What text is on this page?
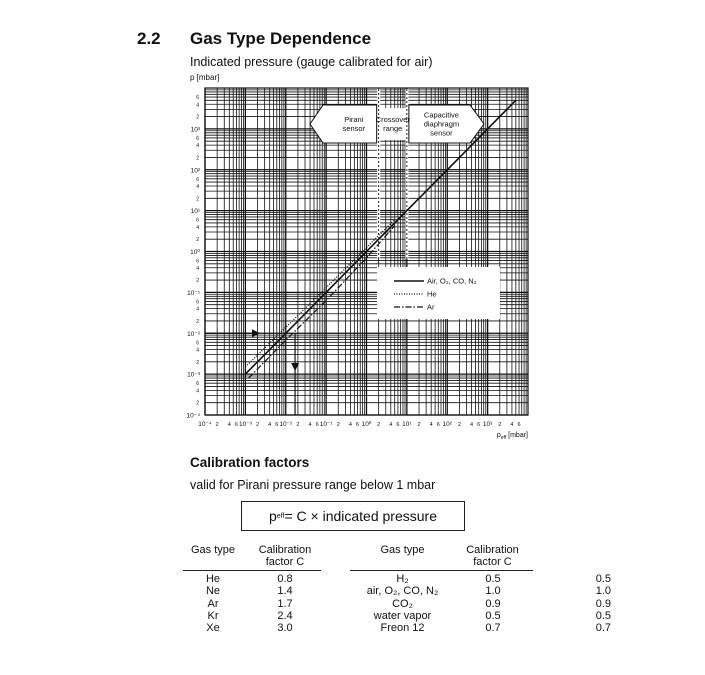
2.2 Gas Type Dependence
Indicated pressure (gauge calibrated for air)
p [mbar]
10⁻⁴ 2 4 6 10⁻³ 2 4 6 10⁻² 2 4 6 10⁻¹ 2 4 6 10⁰ 2 4 6 10¹ 2 4 6 10² 2 4 6 10³ 2 4 6
10⁻⁴
2
4
6
10⁻³
2
4
6
10⁻²
2
4
6
10⁻¹
2
4
6
10⁰
2
4
6
10¹
2
4
6
10²
2
4
6
10³
2
4
6
$p_{eff}$ [mbar]
Pirani
sensor
Crossover
range
Capacitive
diaphragm
sensor
Air, O₂, CO, N₂
He
Ar
Calibration factors
valid for Pirani pressure range below 1 mbar
p eff = C × indicated pressure
Gas type	Calibration
factor C
He
Ne
Ar
Kr
Xe
0.8
1.4
1.7
2.4
3.0
Gas type	Calibration
factor C
H₂
air, O₂, CO, N₂
CO₂
water vapor
Freon 12
0.5
1.0
0.9
0.5
0.7
0.5
1.0
0.9
0.5
0.7
